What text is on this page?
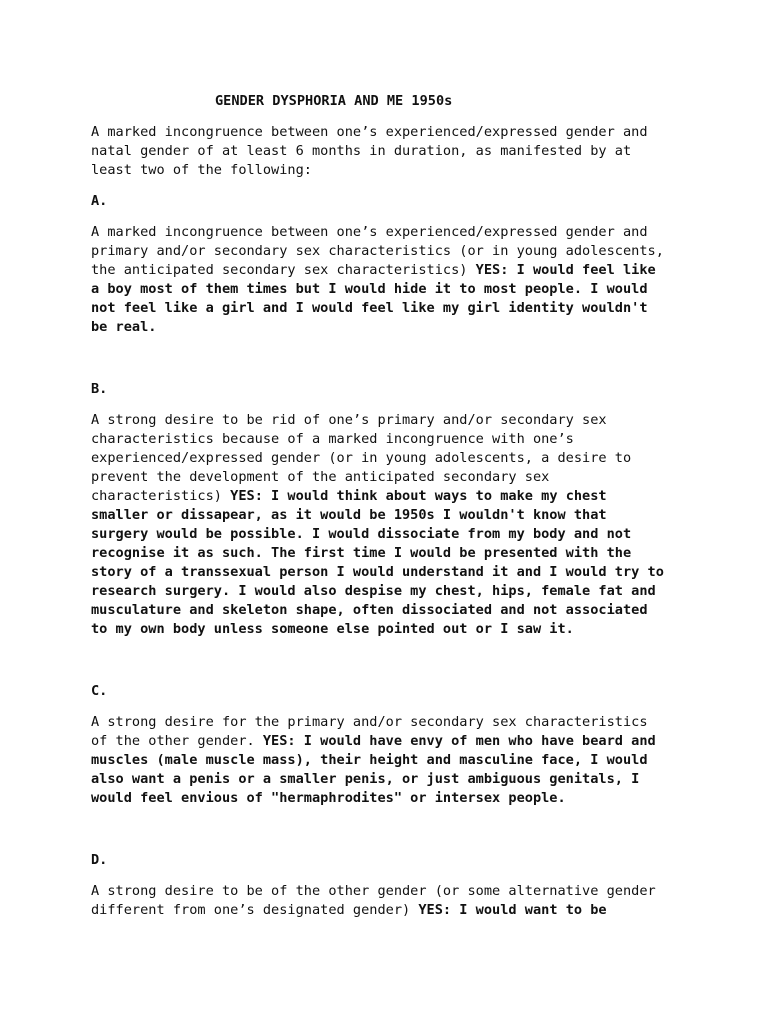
GENDER DYSPHORIA AND ME 1950s
A marked incongruence between one’s experienced/expressed gender and
natal gender of at least 6 months in duration, as manifested by at
least two of the following:
A.
A marked incongruence between one’s experienced/expressed gender and
primary and/or secondary sex characteristics (or in young adolescents,
the anticipated secondary sex characteristics) YES: I would feel like
a boy most of them times but I would hide it to most people. I would
not feel like a girl and I would feel like my girl identity wouldn't
be real.
B.
A strong desire to be rid of one’s primary and/or secondary sex
characteristics because of a marked incongruence with one’s
experienced/expressed gender (or in young adolescents, a desire to
prevent the development of the anticipated secondary sex
characteristics) YES: I would think about ways to make my chest
smaller or dissapear, as it would be 1950s I wouldn't know that
surgery would be possible. I would dissociate from my body and not
recognise it as such. The first time I would be presented with the
story of a transsexual person I would understand it and I would try to
research surgery. I would also despise my chest, hips, female fat and
musculature and skeleton shape, often dissociated and not associated
to my own body unless someone else pointed out or I saw it.
C.
A strong desire for the primary and/or secondary sex characteristics
of the other gender. YES: I would have envy of men who have beard and
muscles (male muscle mass), their height and masculine face, I would
also want a penis or a smaller penis, or just ambiguous genitals, I
would feel envious of "hermaphrodites" or intersex people.
D.
A strong desire to be of the other gender (or some alternative gender
different from one’s designated gender) YES: I would want to be
